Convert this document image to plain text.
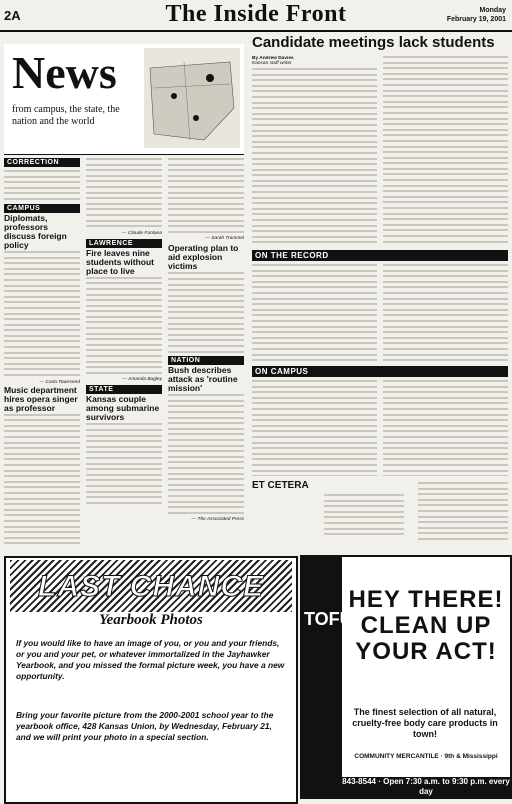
2A	The Inside Front	Monday
February 19, 2001
News
from campus, the state, the nation and the world
CORRECTION
CAMPUS
Diplomats, professors discuss foreign policy
— Carla Townsend
Music department hires opera singer as professor
— Claude Fontana
LAWRENCE
Fire leaves nine students without place to live
— Amanda Bagley
STATE
Kansas couple among submarine survivors
— Sarah Trammel
Operating plan to aid explosion victims
NATION
Bush describes attack as 'routine mission'
— The Associated Press
Candidate meetings lack students
By Andrew Davies
Kansan staff writer
ON THE RECORD
ON CAMPUS
ET CETERA
LAST CHANCE
Yearbook Photos
If you would like to have an image of you, or you and your friends, or you and your pet, or whatever immortalized in the Jayhawker Yearbook, and you missed the formal picture week, you have a new opportunity.
Bring your favorite picture from the 2000-2001 school year to the yearbook office, 428 Kansas Union, by Wednesday, February 21, and we will print your photo in a special section.
TOFU
HEY THERE! CLEAN UP YOUR ACT!
The finest selection of all natural, cruelty-free body care products in town!
COMMUNITY MERCANTILE · 9th & Mississippi
843-8544 · Open 7:30 a.m. to 9:30 p.m. every day
